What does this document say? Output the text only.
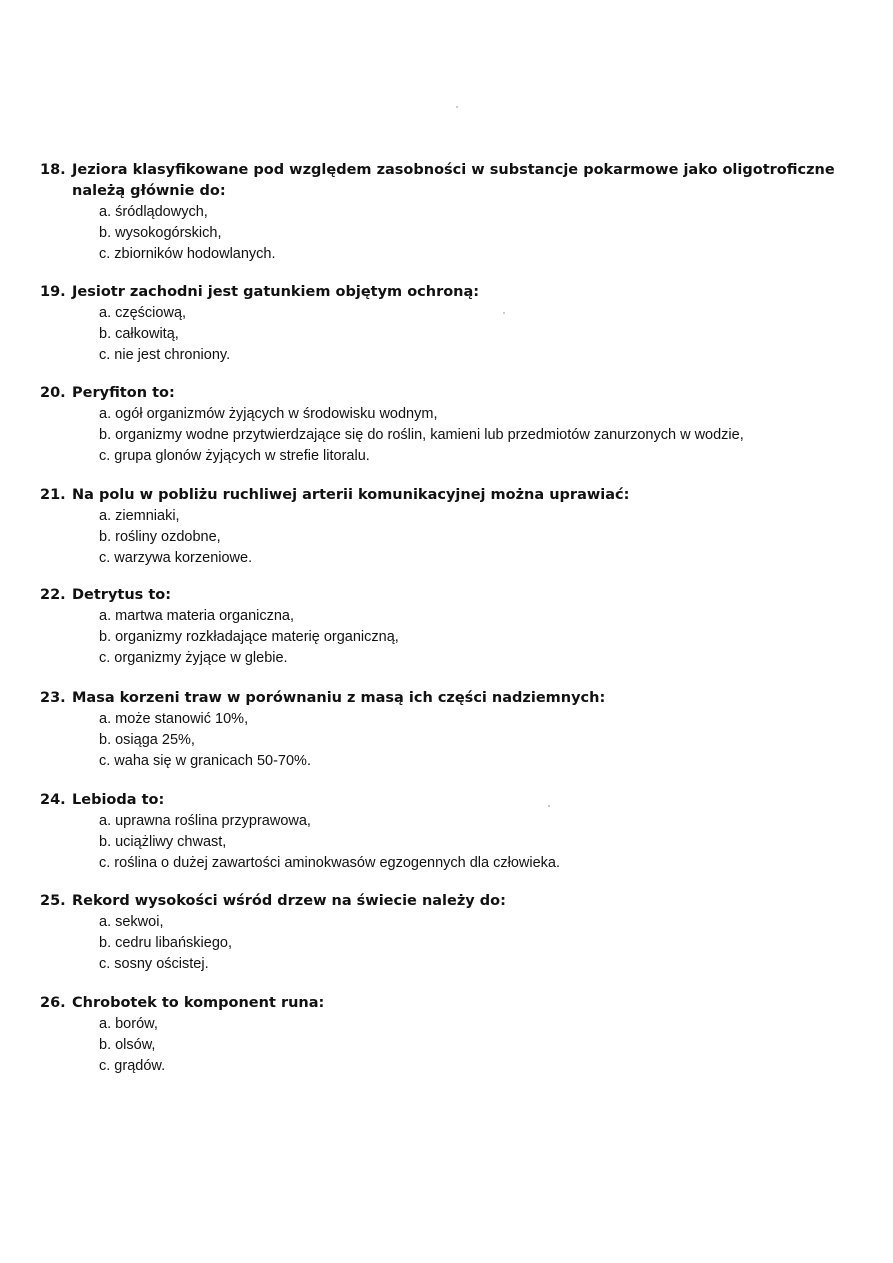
18. Jeziora klasyfikowane pod względem zasobności w substancje pokarmowe jako oligotroficzne należą głównie do:
a. śródlądowych,
b. wysokogórskich,
c. zbiorników hodowlanych.
19. Jesiotr zachodni jest gatunkiem objętym ochroną:
a. częściową,
b. całkowitą,
c. nie jest chroniony.
20. Peryfiton to:
a. ogół organizmów żyjących w środowisku wodnym,
b. organizmy wodne przytwierdzające się do roślin, kamieni lub przedmiotów zanurzonych w wodzie,
c. grupa glonów żyjących w strefie litoralu.
21. Na polu w pobliżu ruchliwej arterii komunikacyjnej można uprawiać:
a. ziemniaki,
b. rośliny ozdobne,
c. warzywa korzeniowe.
22. Detrytus to:
a. martwa materia organiczna,
b. organizmy rozkładające materię organiczną,
c. organizmy żyjące w glebie.
23. Masa korzeni traw w porównaniu z masą ich części nadziemnych:
a. może stanowić 10%,
b. osiąga 25%,
c. waha się w granicach 50-70%.
24. Lebioda to:
a. uprawna roślina przyprawowa,
b. uciążliwy chwast,
c. roślina o dużej zawartości aminokwasów egzogennych dla człowieka.
25. Rekord wysokości wśród drzew na świecie należy do:
a. sekwoi,
b. cedru libańskiego,
c. sosny ościstej.
26. Chrobotek to komponent runa:
a. borów,
b. olsów,
c. grądów.
